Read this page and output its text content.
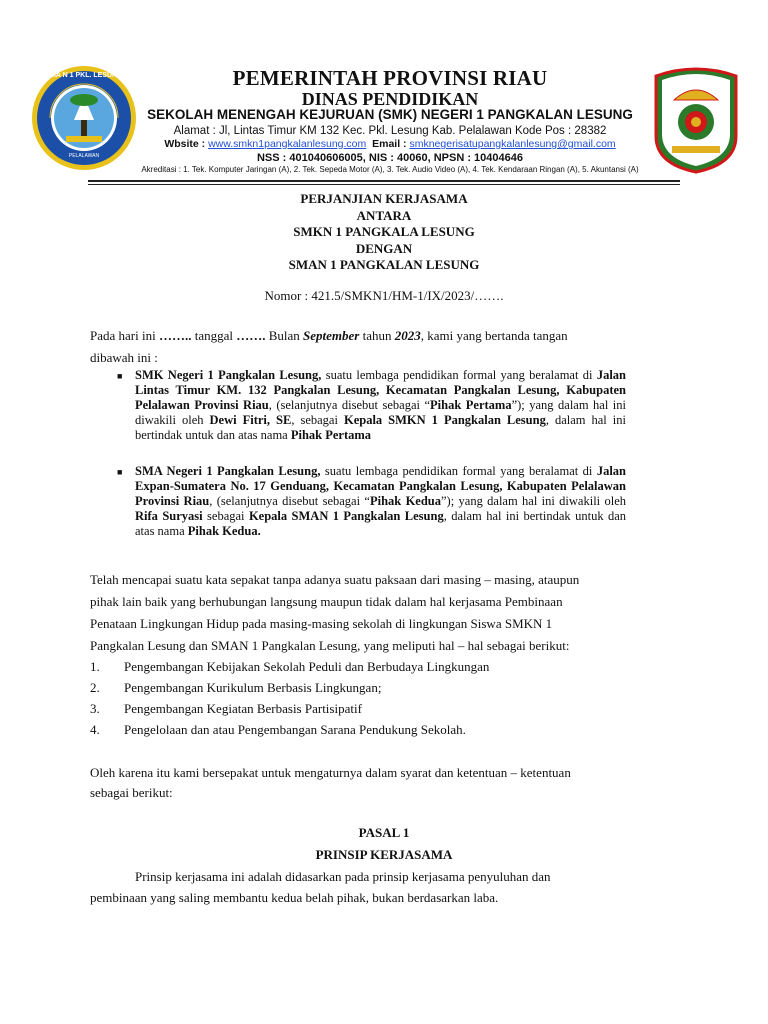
SMA N 1 PKL. LESUNG
PELALAWAN
PEMERINTAH PROVINSI RIAU
DINAS PENDIDIKAN
SEKOLAH MENENGAH KEJURUAN (SMK) NEGERI 1 PANGKALAN LESUNG
Alamat : Jl, Lintas Timur KM 132 Kec. Pkl. Lesung Kab. Pelalawan Kode Pos : 28382
Wbsite : www.smkn1pangkalanlesung.com Email : smknegerisatupangkalanlesung@gmail.com
NSS : 401040606005, NIS : 40060, NPSN : 10404646
Akreditasi : 1. Tek. Komputer Jaringan (A), 2. Tek. Sepeda Motor (A), 3. Tek. Audio Video (A), 4. Tek. Kendaraan Ringan (A), 5. Akuntansi (A)
PERJANJIAN KERJASAMA
ANTARA
SMKN 1 PANGKALA LESUNG
DENGAN
SMAN 1 PANGKALAN LESUNG
Nomor : 421.5/SMKN1/HM-1/IX/2023/…….
Pada hari ini …….. tanggal ……. Bulan September tahun 2023, kami yang bertanda tangan
dibawah ini :
■ SMK Negeri 1 Pangkalan Lesung, suatu lembaga pendidikan formal yang beralamat di Jalan Lintas Timur KM. 132 Pangkalan Lesung, Kecamatan Pangkalan Lesung, Kabupaten Pelalawan Provinsi Riau, (selanjutnya disebut sebagai “Pihak Pertama”); yang dalam hal ini diwakili oleh Dewi Fitri, SE, sebagai Kepala SMKN 1 Pangkalan Lesung, dalam hal ini bertindak untuk dan atas nama Pihak Pertama
■ SMA Negeri 1 Pangkalan Lesung, suatu lembaga pendidikan formal yang beralamat di Jalan Expan-Sumatera No. 17 Genduang, Kecamatan Pangkalan Lesung, Kabupaten Pelalawan Provinsi Riau, (selanjutnya disebut sebagai “Pihak Kedua”); yang dalam hal ini diwakili oleh Rifa Suryasi sebagai Kepala SMAN 1 Pangkalan Lesung, dalam hal ini bertindak untuk dan atas nama Pihak Kedua.
Telah mencapai suatu kata sepakat tanpa adanya suatu paksaan dari masing – masing, ataupun
pihak lain baik yang berhubungan langsung maupun tidak dalam hal kerjasama Pembinaan
Penataan Lingkungan Hidup pada masing-masing sekolah di lingkungan Siswa SMKN 1
Pangkalan Lesung dan SMAN 1 Pangkalan Lesung, yang meliputi hal – hal sebagai berikut:
1. Pengembangan Kebijakan Sekolah Peduli dan Berbudaya Lingkungan
2. Pengembangan Kurikulum Berbasis Lingkungan;
3. Pengembangan Kegiatan Berbasis Partisipatif
4. Pengelolaan dan atau Pengembangan Sarana Pendukung Sekolah.
Oleh karena itu kami bersepakat untuk mengaturnya dalam syarat dan ketentuan – ketentuan
sebagai berikut:
PASAL 1
PRINSIP KERJASAMA
Prinsip kerjasama ini adalah didasarkan pada prinsip kerjasama penyuluhan dan
pembinaan yang saling membantu kedua belah pihak, bukan berdasarkan laba.
